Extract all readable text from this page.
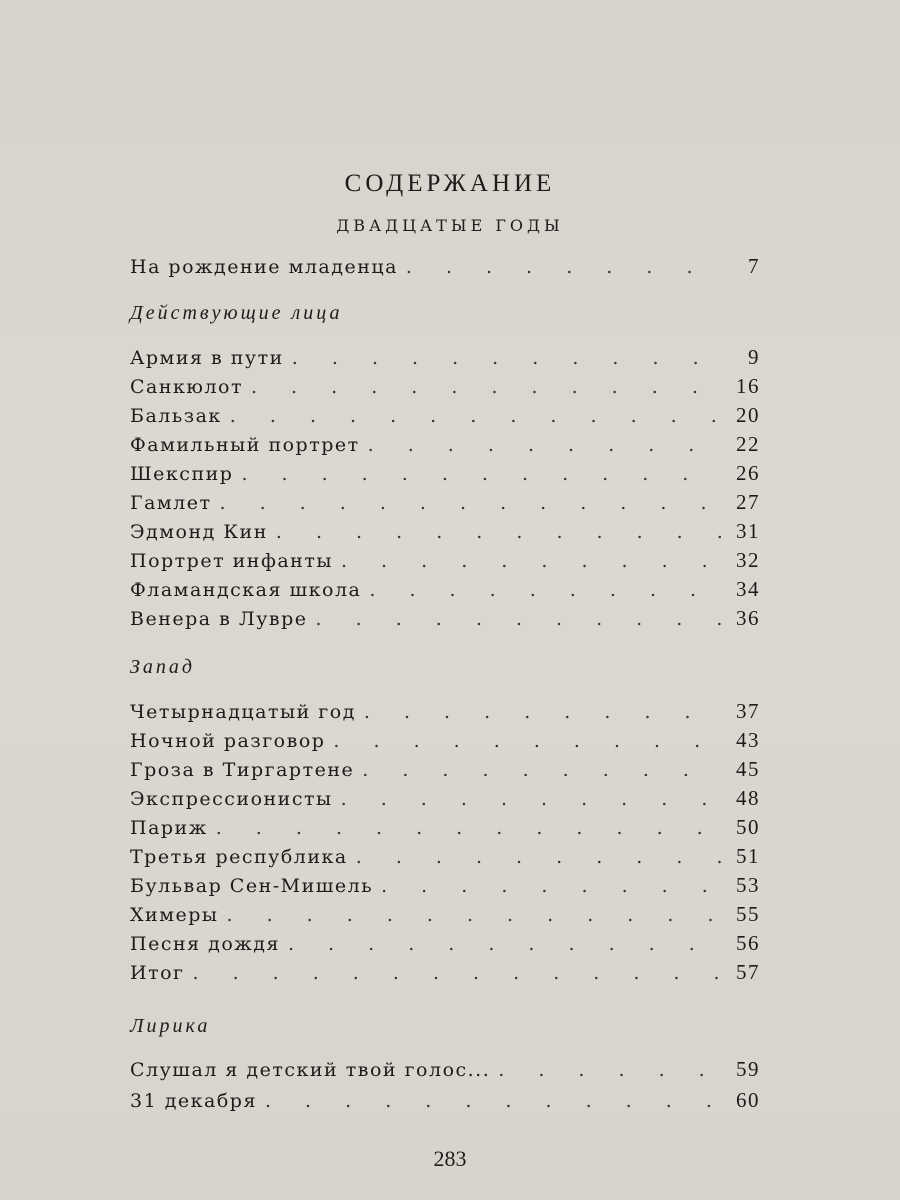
СОДЕРЖАНИЕ
ДВАДЦАТЫЕ ГОДЫ
На рождение младенца . . .	7
Действующие лица
Армия в пути . . .	9
Санкюлот . . .	16
Бальзак . . .	20
Фамильный портрет . . .	22
Шекспир . . .	26
Гамлет . . .	27
Эдмонд Кин . . .	31
Портрет инфанты . . .	32
Фламандская школа . . .	34
Венера в Лувре . . .	36
Запад
Четырнадцатый год . . .	37
Ночной разговор . . .	43
Гроза в Тиргартене . . .	45
Экспрессионисты . . .	48
Париж . . .	50
Третья республика . . .	51
Бульвар Сен-Мишель . . .	53
Химеры . . .	55
Песня дождя . . .	56
Итог . . .	57
Лирика
Слушал я детский твой голос... . . .	59
31 декабря . . .	60
283
